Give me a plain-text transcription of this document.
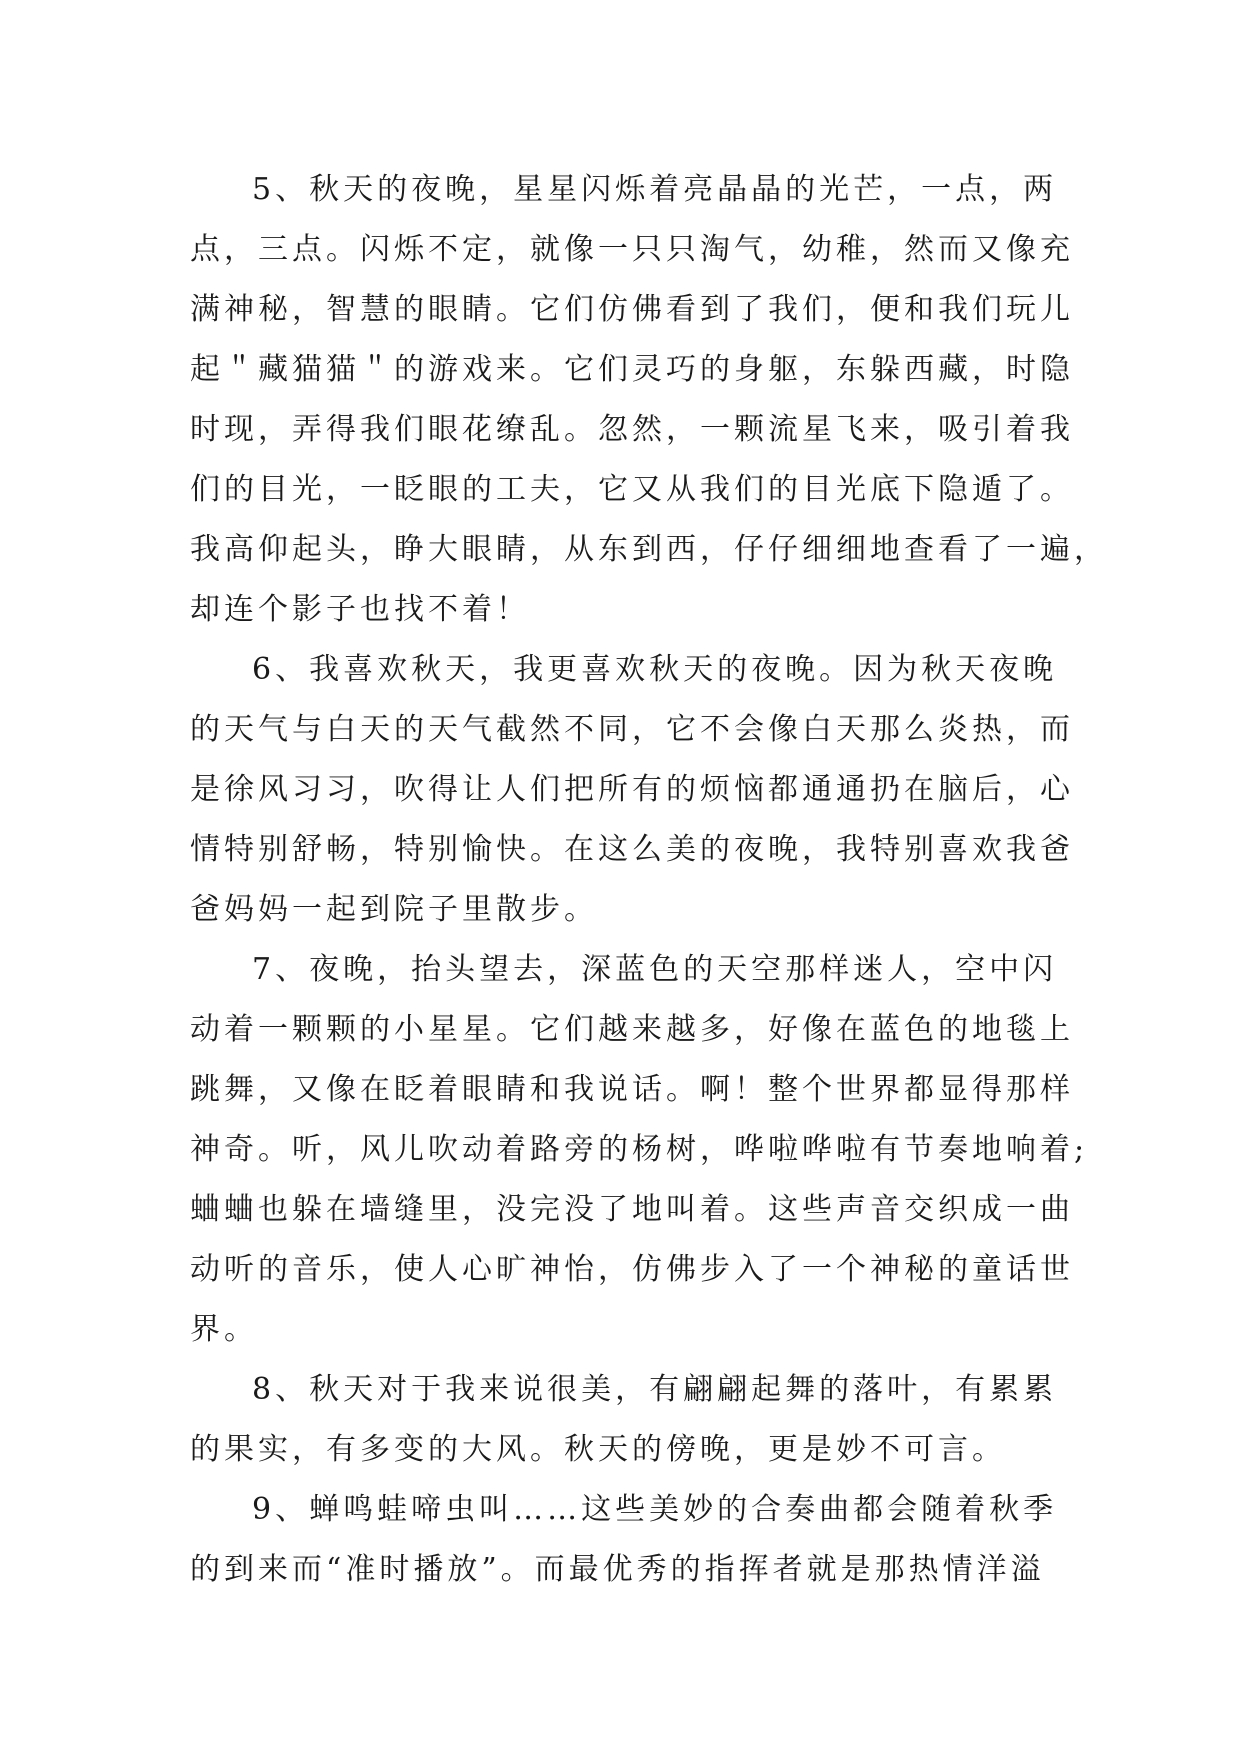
5、秋天的夜晚，星星闪烁着亮晶晶的光芒，一点，两
点，三点。闪烁不定，就像一只只淘气，幼稚，然而又像充
满神秘，智慧的眼睛。它们仿佛看到了我们，便和我们玩儿
起＂藏猫猫＂的游戏来。它们灵巧的身躯，东躲西藏，时隐
时现，弄得我们眼花缭乱。忽然，一颗流星飞来，吸引着我
们的目光，一眨眼的工夫，它又从我们的目光底下隐遁了。
我高仰起头，睁大眼睛，从东到西，仔仔细细地查看了一遍，
却连个影子也找不着！
6、我喜欢秋天，我更喜欢秋天的夜晚。因为秋天夜晚
的天气与白天的天气截然不同，它不会像白天那么炎热，而
是徐风习习，吹得让人们把所有的烦恼都通通扔在脑后，心
情特别舒畅，特别愉快。在这么美的夜晚，我特别喜欢我爸
爸妈妈一起到院子里散步。
7、夜晚，抬头望去，深蓝色的天空那样迷人，空中闪
动着一颗颗的小星星。它们越来越多，好像在蓝色的地毯上
跳舞，又像在眨着眼睛和我说话。啊！整个世界都显得那样
神奇。听，风儿吹动着路旁的杨树，哗啦哗啦有节奏地响着;
蛐蛐也躲在墙缝里，没完没了地叫着。这些声音交织成一曲
动听的音乐，使人心旷神怡，仿佛步入了一个神秘的童话世
界。
8、秋天对于我来说很美，有翩翩起舞的落叶，有累累
的果实，有多变的大风。秋天的傍晚，更是妙不可言。
9、蝉鸣蛙啼虫叫……这些美妙的合奏曲都会随着秋季
的到来而“准时播放”。而最优秀的指挥者就是那热情洋溢
